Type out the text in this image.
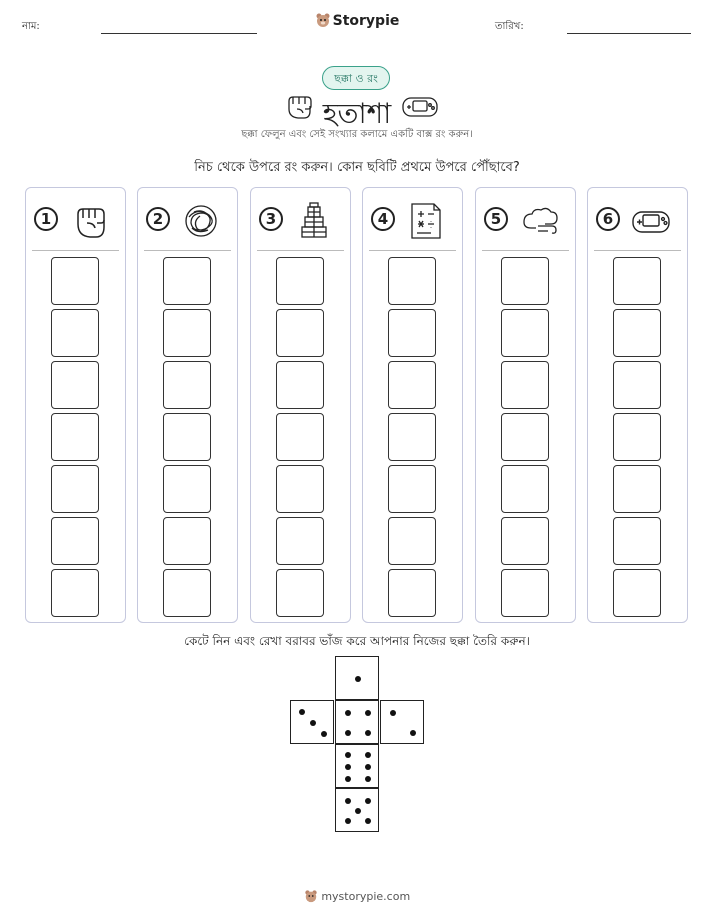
নাম:	Storypie	তারিখ:
ছক্কা ও রং
হতাশা
ছক্কা ফেলুন এবং সেই সংখ্যার কলামে একটি বাক্স রং করুন।
নিচ থেকে উপরে রং করুন। কোন ছবিটি প্রথমে উপরে পৌঁছাবে?
1	2	3	4	5	6
কেটে নিন এবং রেখা বরাবর ভাঁজ করে আপনার নিজের ছক্কা তৈরি করুন।
mystorypie.com
